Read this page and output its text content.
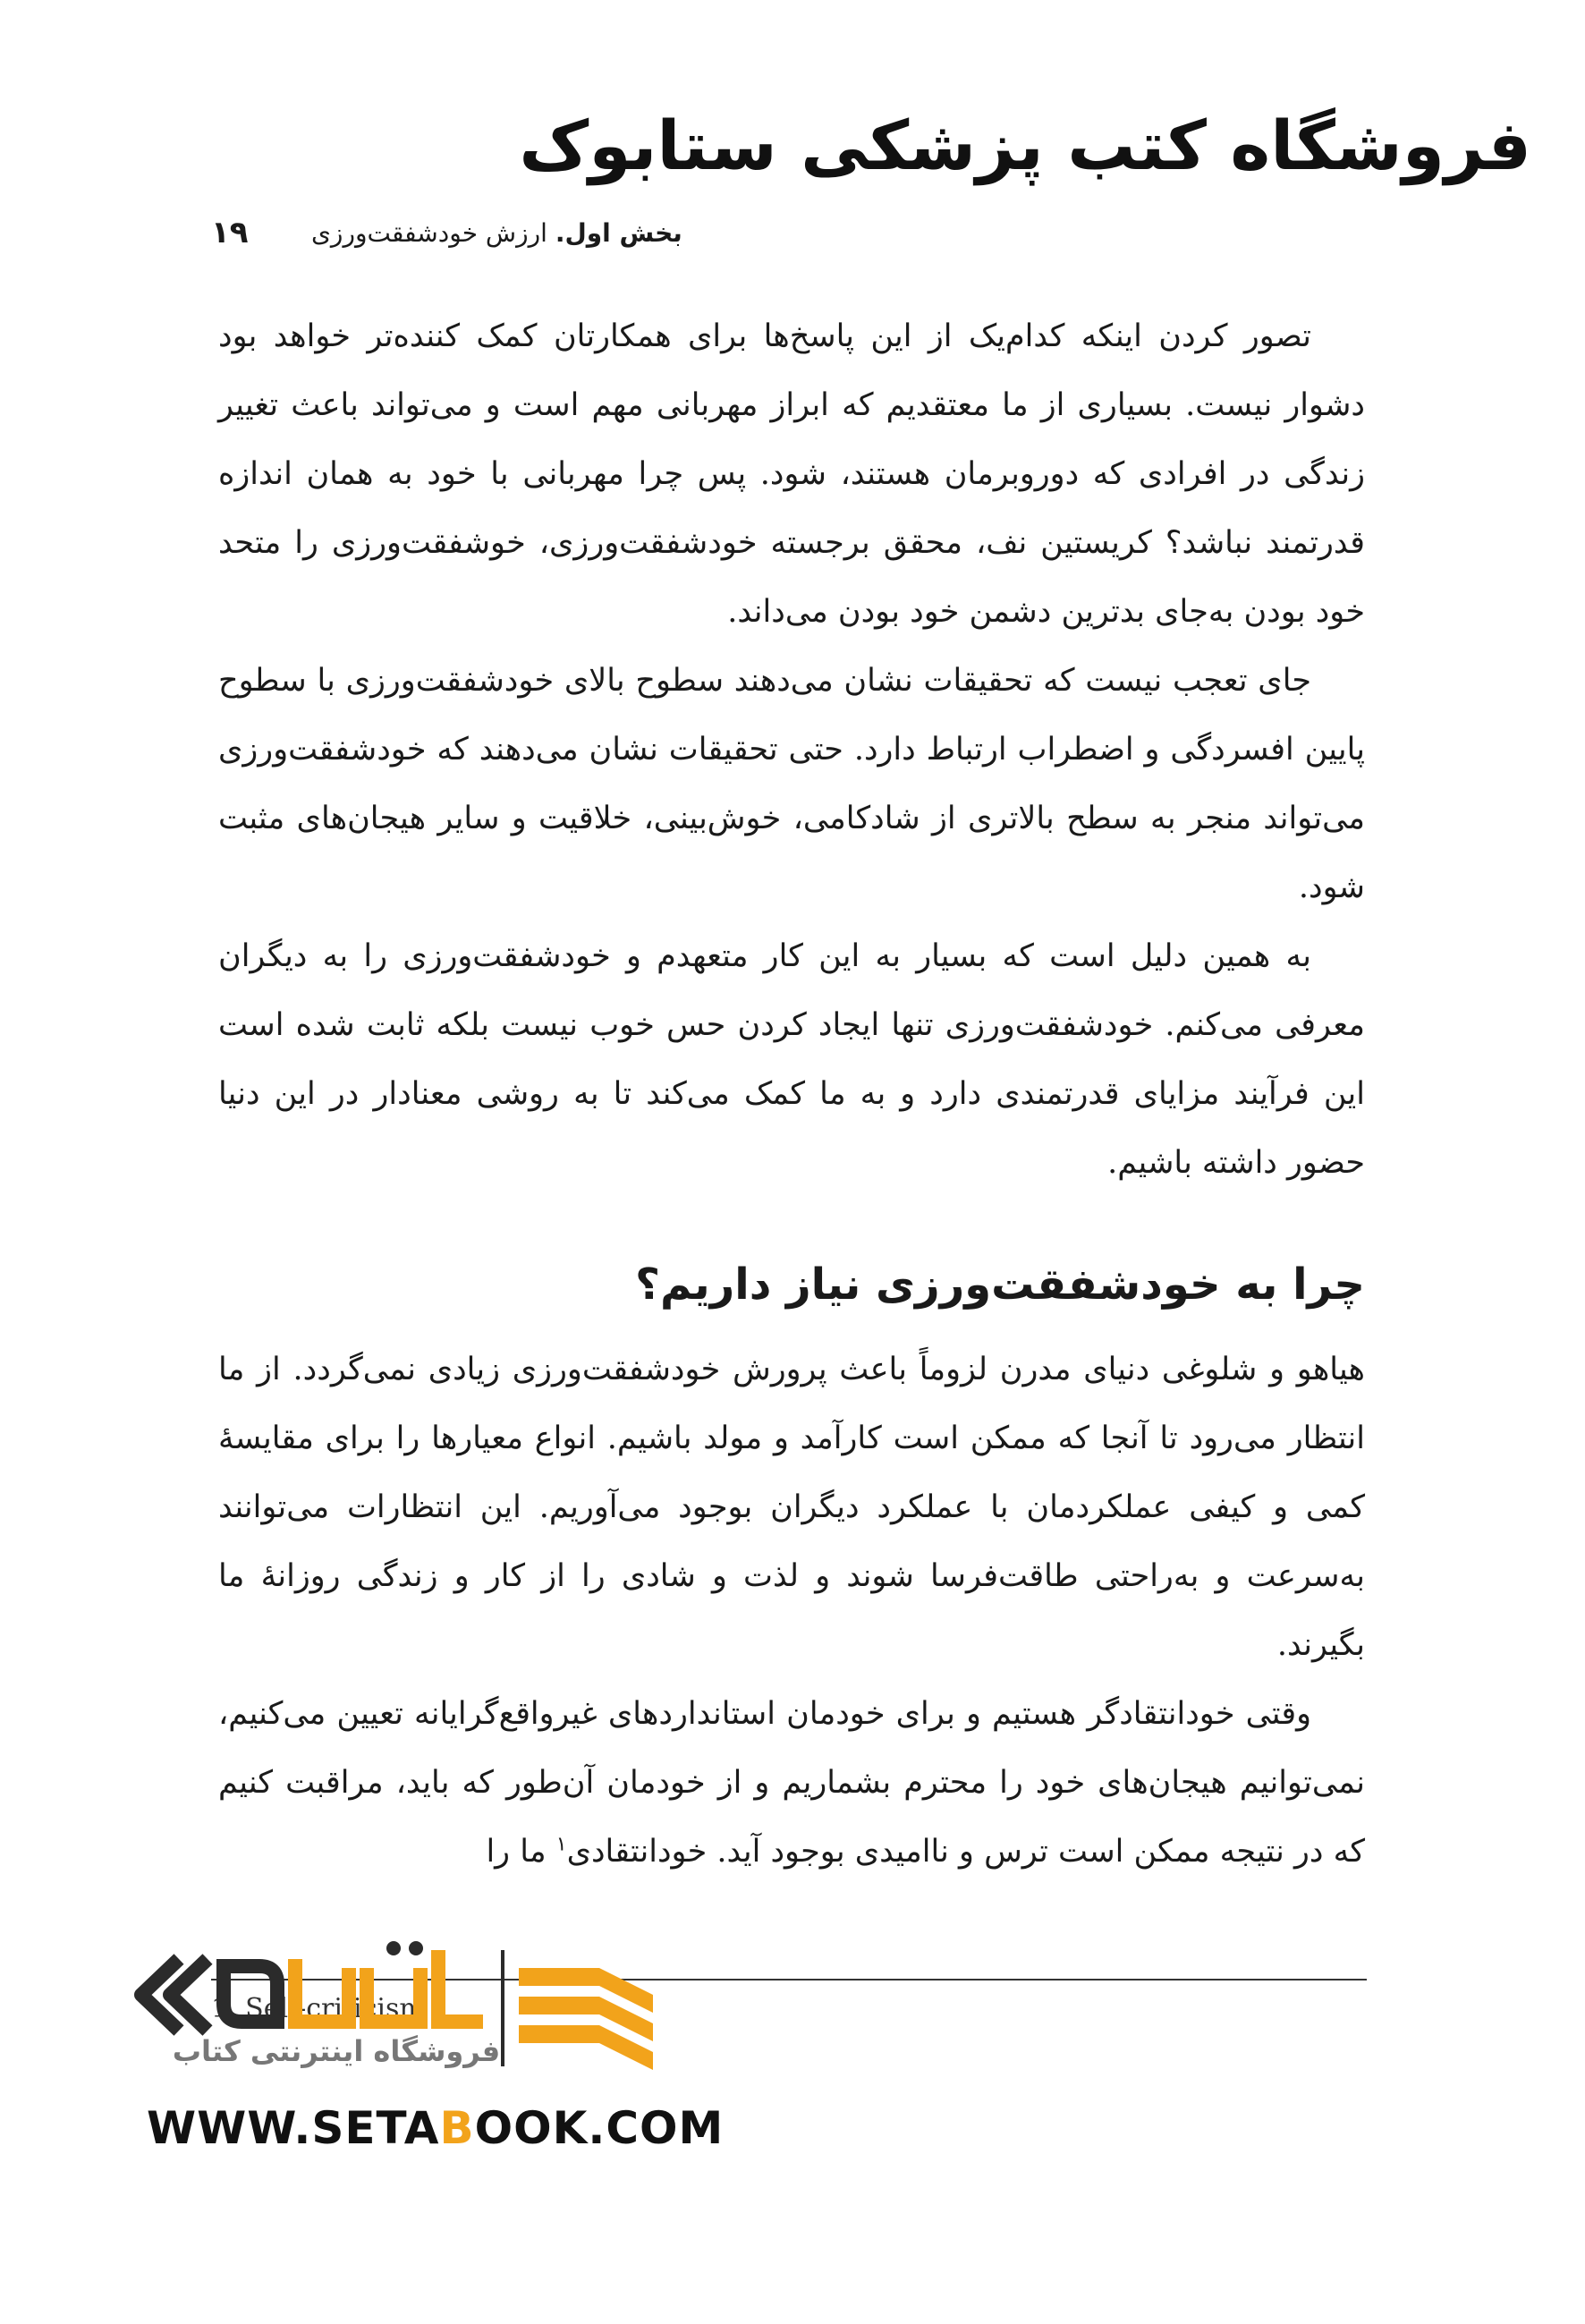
فروشگاه کتب پزشکی ستابوک
۱۹	بخش اول. ارزش خودشفقت‌ورزی

تصور کردن اینکه کدام‌یک از این پاسخ‌ها برای همکارتان کمک کننده‌تر خواهد بود دشوار نیست. بسیاری از ما معتقدیم که ابراز مهربانی مهم است و می‌تواند باعث تغییر زندگی در افرادی که دوروبرمان هستند، شود. پس چرا مهربانی با خود به همان اندازه قدرتمند نباشد؟ کریستین نف، محقق برجسته خودشفقت‌ورزی، خوشفقت‌ورزی را متحد خود بودن به‌جای بدترین دشمن خود بودن می‌داند.

جای تعجب نیست که تحقیقات نشان می‌دهند سطوح بالای خودشفقت‌ورزی با سطوح پایین افسردگی و اضطراب ارتباط دارد. حتی تحقیقات نشان می‌دهند که خودشفقت‌ورزی می‌تواند منجر به سطح بالاتری از شادکامی، خوش‌بینی، خلاقیت و سایر هیجان‌های مثبت شود.

به همین دلیل است که بسیار به این کار متعهدم و خودشفقت‌ورزی را به دیگران معرفی می‌کنم. خودشفقت‌ورزی تنها ایجاد کردن حس خوب نیست بلکه ثابت شده است این فرآیند مزایای قدرتمندی دارد و به ما کمک می‌کند تا به روشی معنادار در این دنیا حضور داشته باشیم.

چرا به خودشفقت‌ورزی نیاز داریم؟

هیاهو و شلوغی دنیای مدرن لزوماً باعث پرورش خودشفقت‌ورزی زیادی نمی‌گردد. از ما انتظار می‌رود تا آنجا که ممکن است کارآمد و مولد باشیم. انواع معیارها را برای مقایسهٔ کمی و کیفی عملکردمان با عملکرد دیگران بوجود می‌آوریم. این انتظارات می‌توانند به‌سرعت و به‌راحتی طاقت‌فرسا شوند و لذت و شادی را از کار و زندگی روزانهٔ ما بگیرند.

وقتی خودانتقادگر هستیم و برای خودمان استانداردهای غیرواقع‌گرایانه تعیین می‌کنیم، نمی‌توانیم هیجان‌های خود را محترم بشماریم و از خودمان آن‌طور که باید، مراقبت کنیم که در نتیجه ممکن است ترس و ناامیدی بوجود آید. خودانتقادی$^۱$ ما را

1. Self-criticism
فروشگاه اینترنتی کتاب
WWW.SETABOOK.COM
